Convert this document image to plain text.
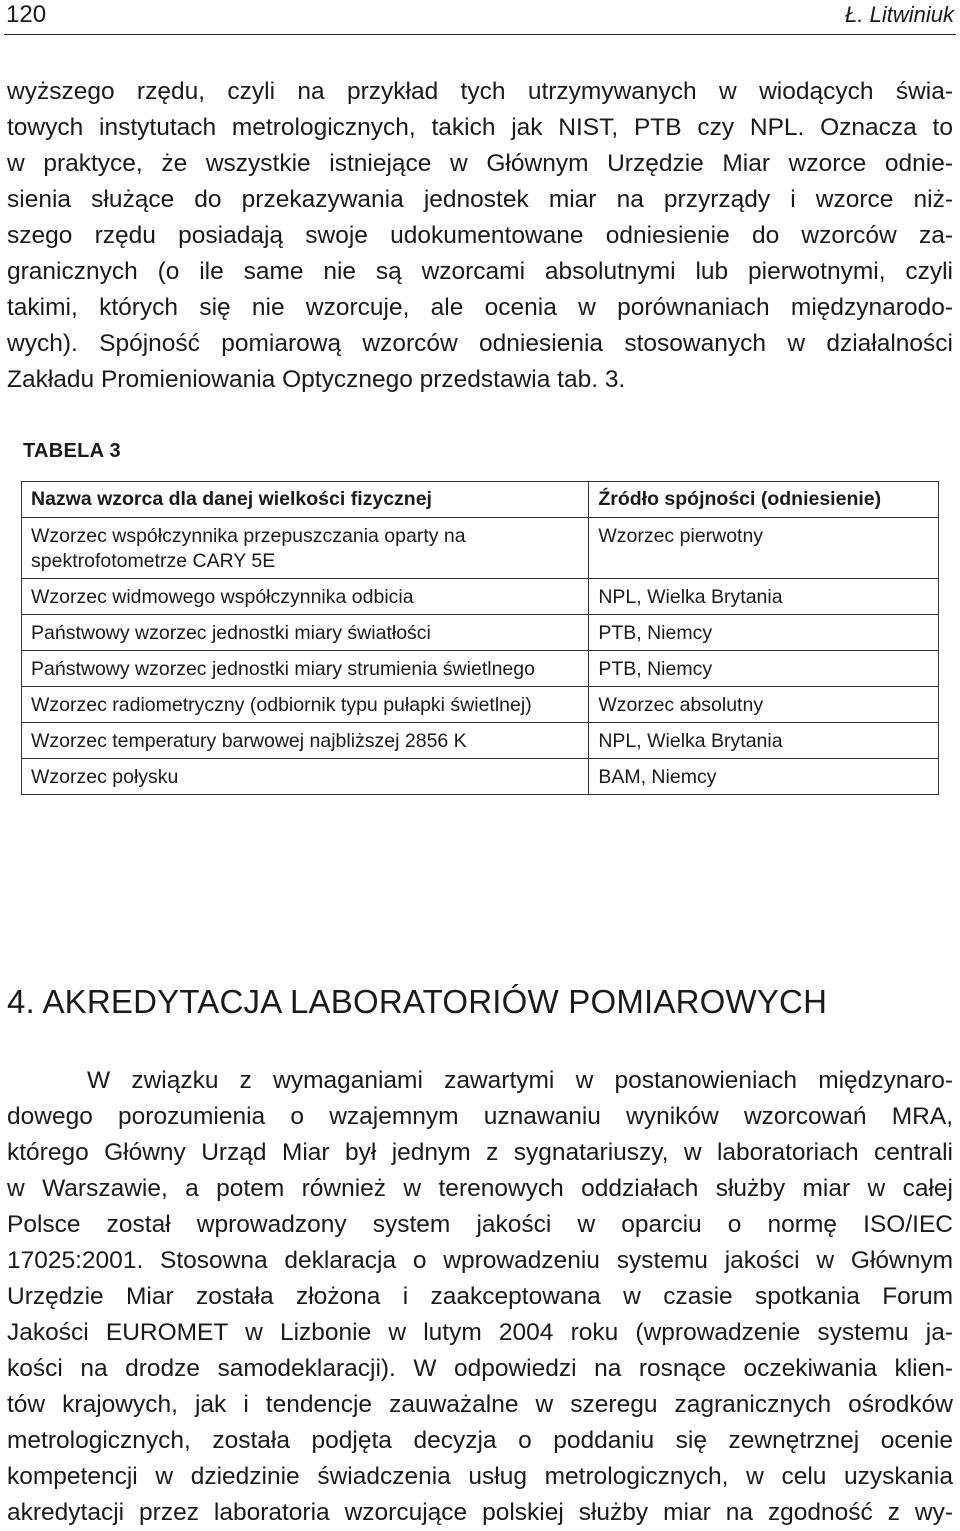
120	Ł. Litwiniuk
wyższego rzędu, czyli na przykład tych utrzymywanych w wiodących świa-
towych instytutach metrologicznych, takich jak NIST, PTB czy NPL. Oznacza to
w praktyce, że wszystkie istniejące w Głównym Urzędzie Miar wzorce odnie-
sienia służące do przekazywania jednostek miar na przyrządy i wzorce niż-
szego rzędu posiadają swoje udokumentowane odniesienie do wzorców za-
granicznych (o ile same nie są wzorcami absolutnymi lub pierwotnymi, czyli
takimi, których się nie wzorcuje, ale ocenia w porównaniach międzynarodo-
wych). Spójność pomiarową wzorców odniesienia stosowanych w działalności
Zakładu Promieniowania Optycznego przedstawia tab. 3.
TABELA 3
Nazwa wzorca dla danej wielkości fizycznej	Źródło spójności (odniesienie)
Wzorzec współczynnika przepuszczania oparty na spektrofotometrze CARY 5E	Wzorzec pierwotny
Wzorzec widmowego współczynnika odbicia	NPL, Wielka Brytania
Państwowy wzorzec jednostki miary światłości	PTB, Niemcy
Państwowy wzorzec jednostki miary strumienia świetlnego	PTB, Niemcy
Wzorzec radiometryczny (odbiornik typu pułapki świetlnej)	Wzorzec absolutny
Wzorzec temperatury barwowej najbliższej 2856 K	NPL, Wielka Brytania
Wzorzec połysku	BAM, Niemcy
4. AKREDYTACJA LABORATORIÓW POMIAROWYCH
W związku z wymaganiami zawartymi w postanowieniach międzynaro-
dowego porozumienia o wzajemnym uznawaniu wyników wzorcowań MRA,
którego Główny Urząd Miar był jednym z sygnatariuszy, w laboratoriach centrali
w Warszawie, a potem również w terenowych oddziałach służby miar w całej
Polsce został wprowadzony system jakości w oparciu o normę ISO/IEC
17025:2001. Stosowna deklaracja o wprowadzeniu systemu jakości w Głównym
Urzędzie Miar została złożona i zaakceptowana w czasie spotkania Forum
Jakości EUROMET w Lizbonie w lutym 2004 roku (wprowadzenie systemu ja-
kości na drodze samodeklaracji). W odpowiedzi na rosnące oczekiwania klien-
tów krajowych, jak i tendencje zauważalne w szeregu zagranicznych ośrodków
metrologicznych, została podjęta decyzja o poddaniu się zewnętrznej ocenie
kompetencji w dziedzinie świadczenia usług metrologicznych, w celu uzyskania
akredytacji przez laboratoria wzorcujące polskiej służby miar na zgodność z wy-
